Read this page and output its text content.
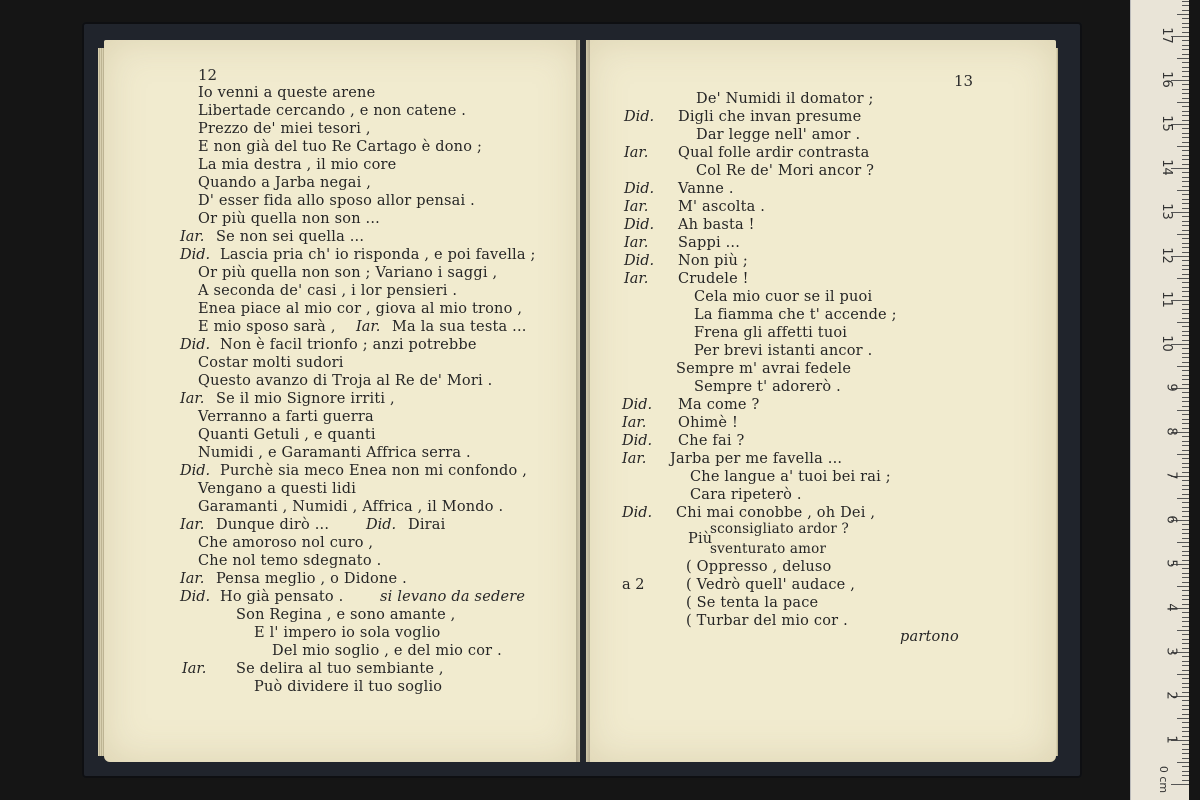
12
Io venni a queste arene
Libertade cercando , e non catene .
Prezzo de' miei tesori ,
E non già del tuo Re Cartago è dono ;
La mia destra , il mio core
Quando a Jarba negai ,
D' esser fida allo sposo allor pensai .
Or più quella non son ...
Iar. Se non sei quella ...
Did. Lascia pria ch' io risponda , e poi favella ;
Or più quella non son ; Variano i saggi ,
A seconda de' casi , i lor pensieri .
Enea piace al mio cor , giova al mio trono ,
E mio sposo sarà , Iar. Ma la sua testa ...
Did. Non è facil trionfo ; anzi potrebbe
Costar molti sudori
Questo avanzo di Troja al Re de' Mori .
Iar. Se il mio Signore irriti ,
Verranno a farti guerra
Quanti Getuli , e quanti
Numidi , e Garamanti Affrica serra .
Did. Purchè sia meco Enea non mi confondo ,
Vengano a questi lidi
Garamanti , Numidi , Affrica , il Mondo .
Iar. Dunque dirò ...	Did. Dirai
Che amoroso nol curo ,
Che nol temo sdegnato .
Iar. Pensa meglio , o Didone .
Did. Ho già pensato .	si levano da sedere
Son Regina , e sono amante ,
E l' impero io sola voglio
Del mio soglio , e del mio cor .
Iar. Se delira al tuo sembiante ,
Può dividere il tuo soglio
13
De' Numidi il domator ;
Did. Digli che invan presume
Dar legge nell' amor .
Iar. Qual folle ardir contrasta
Col Re de' Mori ancor ?
Did. Vanne .
Iar. M' ascolta .
Did. Ah basta !
Iar. Sappi ...
Did. Non più ;
Iar. Crudele !
Cela mio cuor se il puoi
La fiamma che t' accende ;
Frena gli affetti tuoi
Per brevi istanti ancor .
Sempre m' avrai fedele
Sempre t' adorerò .
Did. Ma come ?
Iar. Ohimè !
Did. Che fai ?
Iar. Jarba per me favella ...
Che langue a' tuoi bei rai ;
Cara ripeterò .
Did. Chi mai conobbe , oh Dei ,
sconsigliato ardor ?
Più
sventurato amor
( Oppresso , deluso
a 2	( Vedrò quell' audace ,
( Se tenta la pace
( Turbar del mio cor .
partono
0 cm
1
2
3
4
5
6
7
8
9
10
11
12
13
14
15
16
17
